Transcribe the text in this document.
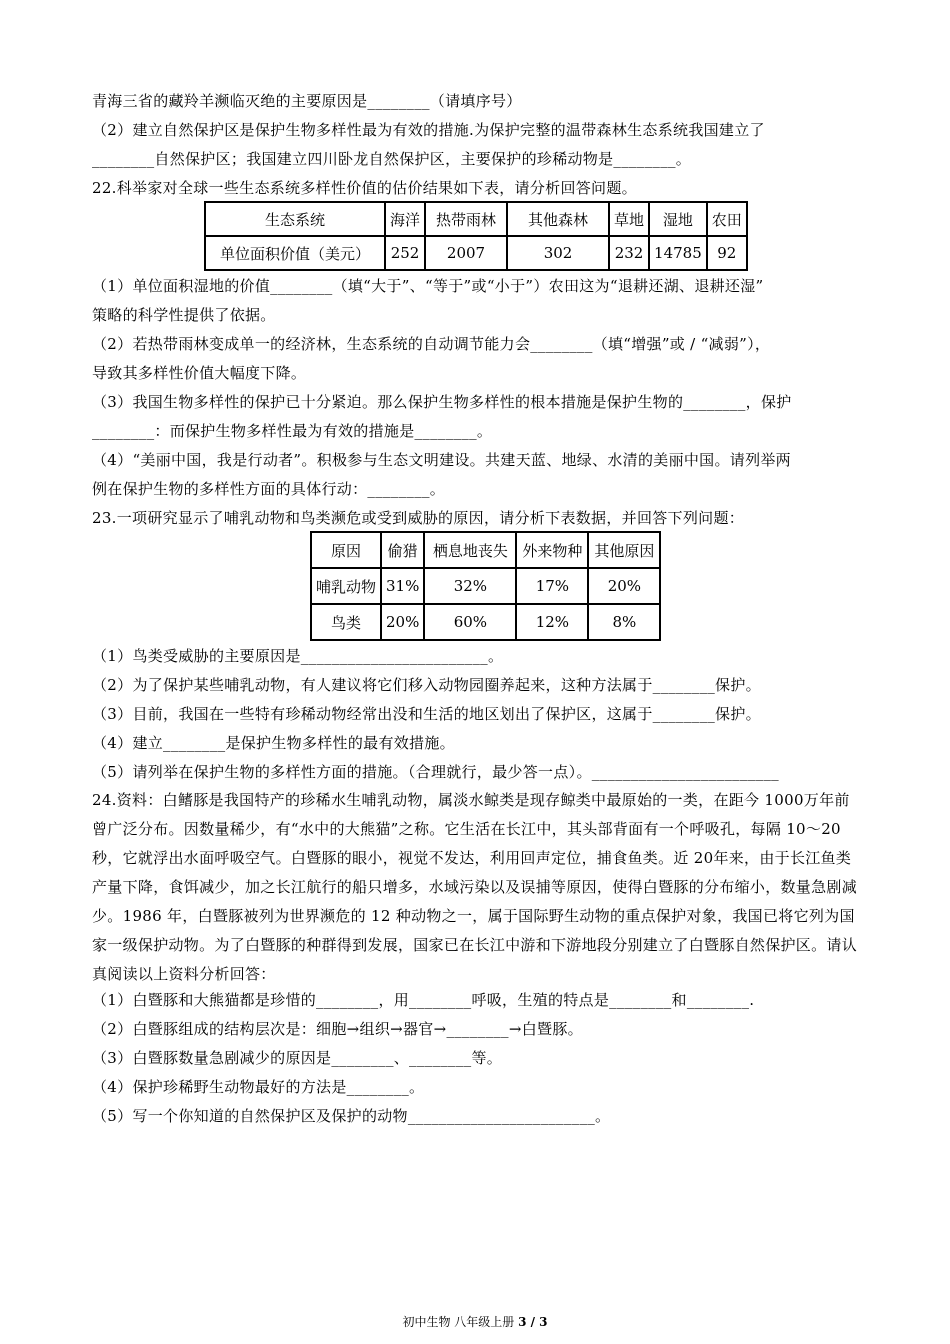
青海三省的藏羚羊濒临灭绝的主要原因是________（请填序号）

（2）建立自然保护区是保护生物多样性最为有效的措施.为保护完整的温带森林生态系统我国建立了

________自然保护区；我国建立四川卧龙自然保护区，主要保护的珍稀动物是________。

22.科举家对全球一些生态系统多样性价值的估价结果如下表，请分析回答问题。

生态系统	海洋	热带雨林	其他森林	草地	湿地	农田
单位面积价值（美元）	252	2007	302	232	14785	92

（1）单位面积湿地的价值________（填“大于”、“等于”或“小于”）农田这为“退耕还湖、退耕还湿”

策略的科学性提供了依据。

（2）若热带雨林变成单一的经济林，生态系统的自动调节能力会________（填“增强”或 / “减弱”），

导致其多样性价值大幅度下降。

（3）我国生物多样性的保护已十分紧迫。那么保护生物多样性的根本措施是保护生物的________，保护

________：而保护生物多样性最为有效的措施是________。

（4）“美丽中国，我是行动者”。积极参与生态文明建设。共建天蓝、地绿、水清的美丽中国。请列举两

例在保护生物的多样性方面的具体行动：________。

23.一项研究显示了哺乳动物和鸟类濒危或受到威胁的原因，请分析下表数据，并回答下列问题：

原因	偷猎	栖息地丧失	外来物种	其他原因
哺乳动物	31%	32%	17%	20%
鸟类	20%	60%	12%	8%

（1）鸟类受威胁的主要原因是________________________。

（2）为了保护某些哺乳动物，有人建议将它们移入动物园圈养起来，这种方法属于________保护。

（3）目前，我国在一些特有珍稀动物经常出没和生活的地区划出了保护区，这属于________保护。

（4）建立________是保护生物多样性的最有效措施。

（5）请列举在保护生物的多样性方面的措施。（合理就行，最少答一点）。________________________

24.资料：白鳍豚是我国特产的珍稀水生哺乳动物，属淡水鲸类是现存鲸类中最原始的一类，在距今 1000万年前曾广泛分布。因数量稀少，有“水中的大熊猫”之称。它生活在长江中，其头部背面有一个呼吸孔，每隔 10～20 秒，它就浮出水面呼吸空气。白暨豚的眼小，视觉不发达，利用回声定位，捕食鱼类。近 20年来，由于长江鱼类产量下降，食饵减少，加之长江航行的船只增多，水域污染以及误捕等原因，使得白暨豚的分布缩小，数量急剧减少。1986 年，白暨豚被列为世界濒危的 12 种动物之一，属于国际野生动物的重点保护对象，我国已将它列为国家一级保护动物。为了白暨豚的种群得到发展，国家已在长江中游和下游地段分别建立了白暨豚自然保护区。请认真阅读以上资料分析回答：

（1）白暨豚和大熊猫都是珍惜的________，用________呼吸，生殖的特点是________和________.

（2）白暨豚组成的结构层次是：细胞→组织→器官→________→白暨豚。

（3）白暨豚数量急剧减少的原因是________、________等。

（4）保护珍稀野生动物最好的方法是________。

（5）写一个你知道的自然保护区及保护的动物________________________。

初中生物 八年级上册 3 / 3
